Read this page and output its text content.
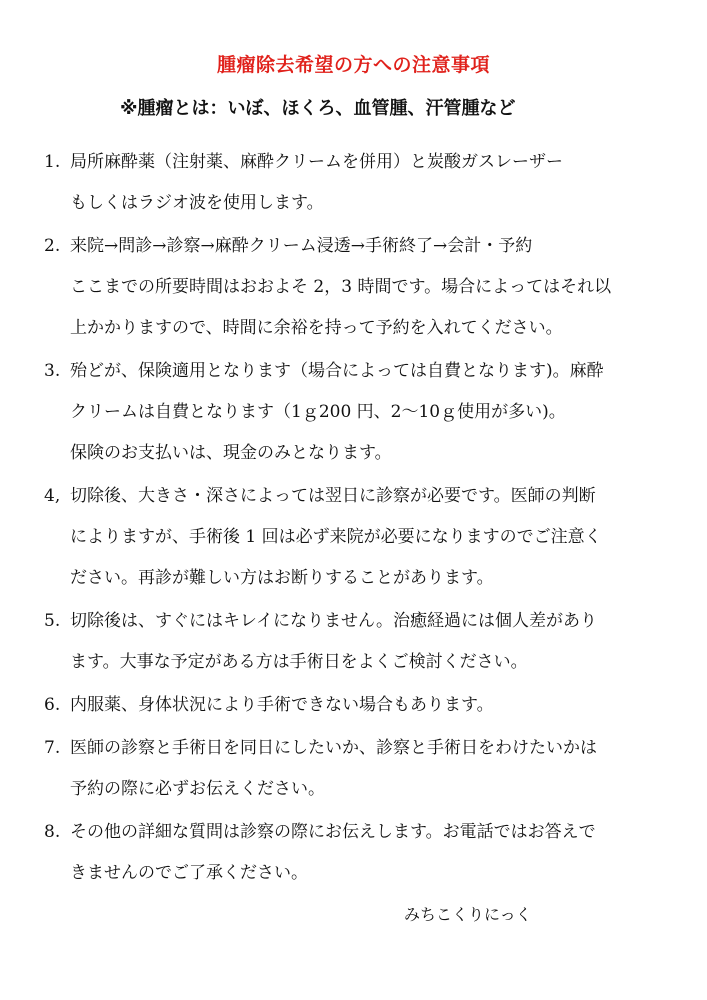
腫瘤除去希望の方への注意事項
※腫瘤とは：いぼ、ほくろ、血管腫、汗管腫など
1. 局所麻酔薬（注射薬、麻酔クリームを併用）と炭酸ガスレーザー
もしくはラジオ波を使用します。
2. 来院→問診→診察→麻酔クリーム浸透→手術終了→会計・予約
ここまでの所要時間はおおよそ 2，3 時間です。場合によってはそれ以
上かかりますので、時間に余裕を持って予約を入れてください。
3. 殆どが、保険適用となります（場合によっては自費となります)。麻酔
クリームは自費となります（1ｇ200 円、2～10ｇ使用が多い)。
保険のお支払いは、現金のみとなります。
4, 切除後、大きさ・深さによっては翌日に診察が必要です。医師の判断
によりますが、手術後 1 回は必ず来院が必要になりますのでご注意く
ださい。再診が難しい方はお断りすることがあります。
5. 切除後は、すぐにはキレイになりません。治癒経過には個人差があり
ます。大事な予定がある方は手術日をよくご検討ください。
6. 内服薬、身体状況により手術できない場合もあります。
7. 医師の診察と手術日を同日にしたいか、診察と手術日をわけたいかは
予約の際に必ずお伝えください。
8. その他の詳細な質問は診察の際にお伝えします。お電話ではお答えで
きませんのでご了承ください。
みちこくりにっく
